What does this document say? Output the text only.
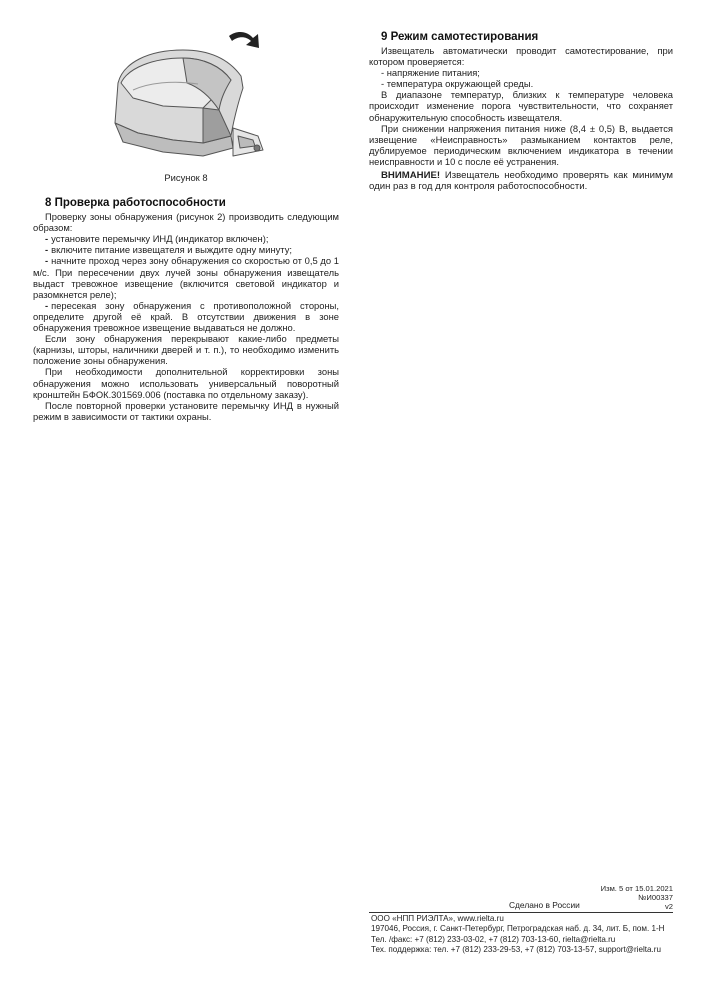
Рисунок 8
8 Проверка работоспособности

Проверку зоны обнаружения (рисунок 2) производить следующим образом:

- установите перемычку ИНД (индикатор включен);

- включите питание извещателя и выждите одну минуту;

- начните проход через зону обнаружения со скоростью от 0,5 до 1 м/с. При пересечении двух лучей зоны обнаружения извещатель выдаст тревожное извещение (включится световой индикатор и разомкнется реле);

- пересекая зону обнаружения с противоположной стороны, определите другой её край. В отсутствии движения в зоне обнаружения тревожное извещение выдаваться не должно.

Если зону обнаружения перекрывают какие-либо предметы (карнизы, шторы, наличники дверей и т. п.), то необходимо изменить положение зоны обнаружения.

При необходимости дополнительной корректировки зоны обнаружения можно использовать универсальный поворотный кронштейн БФОК.301569.006 (поставка по отдельному заказу).

После повторной проверки установите перемычку ИНД в нужный режим в зависимости от тактики охраны.

9 Режим самотестирования

Извещатель автоматически проводит самотестирование, при котором проверяется:

- напряжение питания;

- температура окружающей среды.

В диапазоне температур, близких к температуре человека происходит изменение порога чувствительности, что сохраняет обнаружительную способность извещателя.

При снижении напряжения питания ниже (8,4 ± 0,5) В, выдается извещение «Неисправность» размыканием контактов реле, дублируемое периодическим включением индикатора в течении неисправности и 10 с после её устранения.

ВНИМАНИЕ! Извещатель необходимо проверять как минимум один раз в год для контроля работоспособности.

Изм. 5 от 15.01.2021
№И00337
v2
Сделано в России
ООО «НПП РИЭЛТА», www.rielta.ru
197046, Россия, г. Санкт-Петербург, Петроградская наб. д. 34, лит. Б, пом. 1-Н
Тел. /факс: +7 (812) 233-03-02, +7 (812) 703-13-60, rielta@rielta.ru
Тех. поддержка: тел. +7 (812) 233-29-53, +7 (812) 703-13-57, support@rielta.ru
